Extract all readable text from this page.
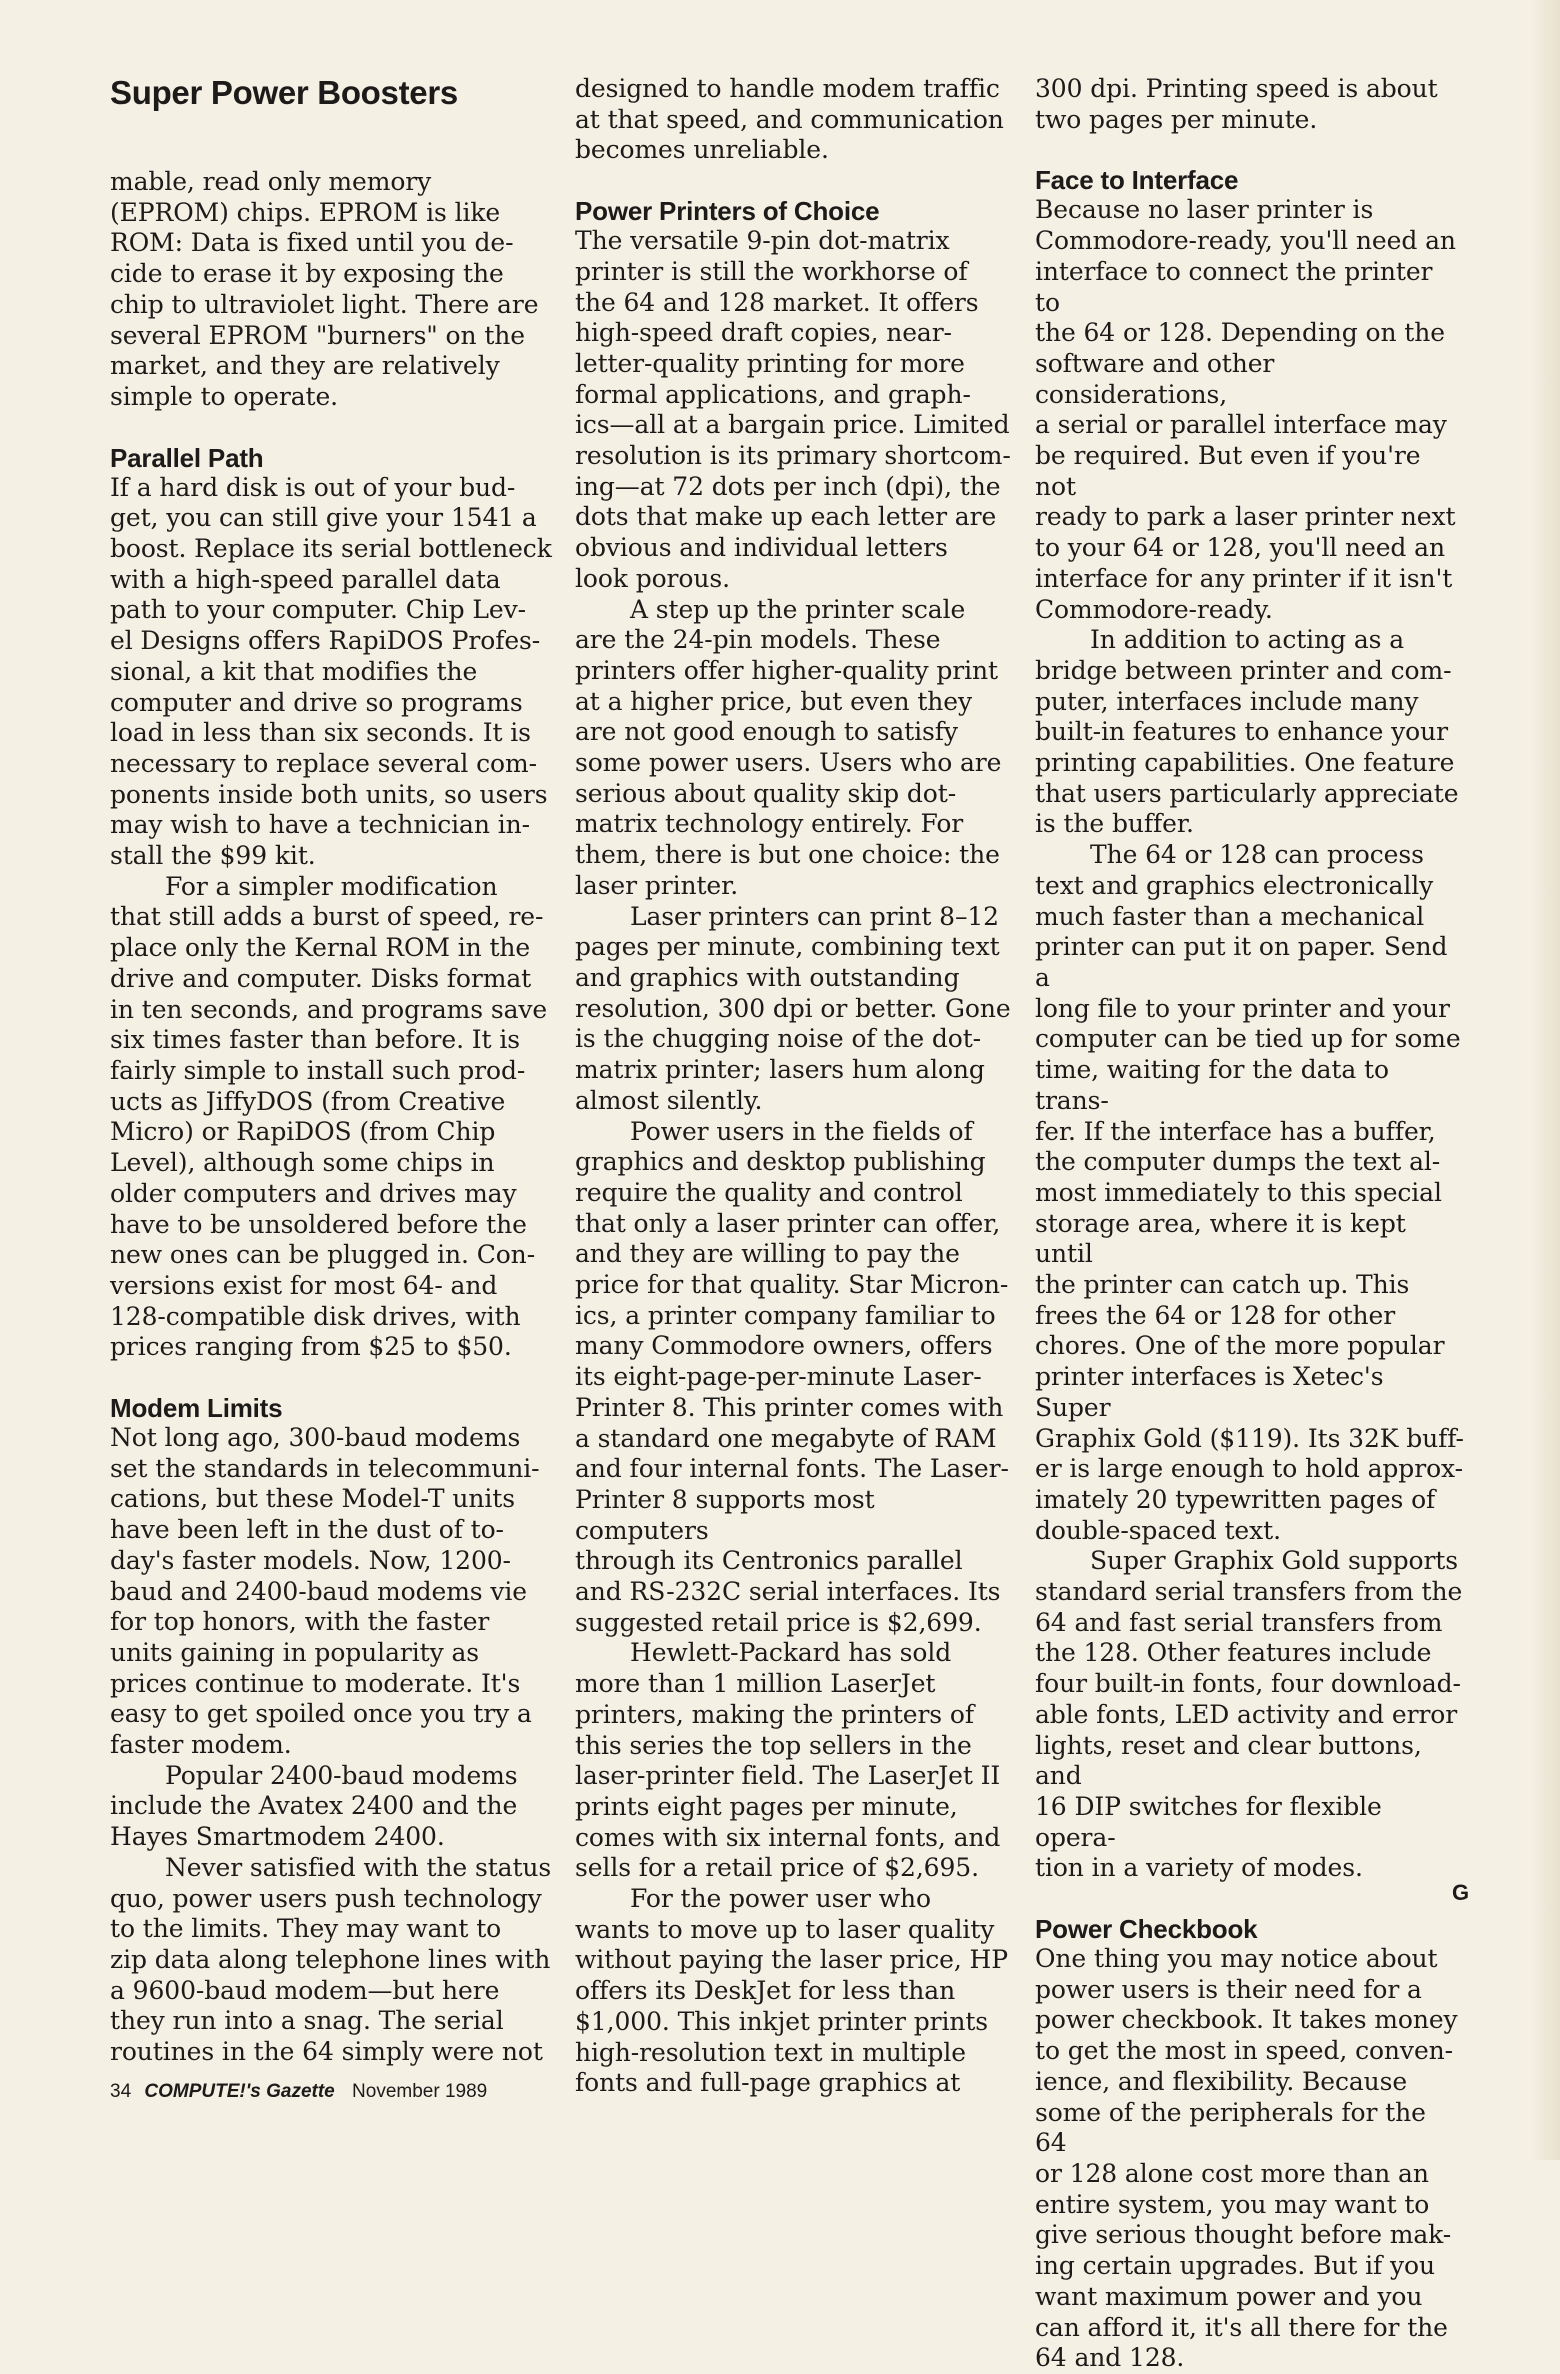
Super Power Boosters

mable, read only memory
(EPROM) chips. EPROM is like
ROM: Data is fixed until you de-
cide to erase it by exposing the
chip to ultraviolet light. There are
several EPROM "burners" on the
market, and they are relatively
simple to operate.

Parallel Path

If a hard disk is out of your bud-
get, you can still give your 1541 a
boost. Replace its serial bottleneck
with a high-speed parallel data
path to your computer. Chip Lev-
el Designs offers RapiDOS Profes-
sional, a kit that modifies the
computer and drive so programs
load in less than six seconds. It is
necessary to replace several com-
ponents inside both units, so users
may wish to have a technician in-
stall the $99 kit.

For a simpler modification
that still adds a burst of speed, re-
place only the Kernal ROM in the
drive and computer. Disks format
in ten seconds, and programs save
six times faster than before. It is
fairly simple to install such prod-
ucts as JiffyDOS (from Creative
Micro) or RapiDOS (from Chip
Level), although some chips in
older computers and drives may
have to be unsoldered before the
new ones can be plugged in. Con-
versions exist for most 64- and
128-compatible disk drives, with
prices ranging from $25 to $50.

Modem Limits

Not long ago, 300-baud modems
set the standards in telecommuni-
cations, but these Model-T units
have been left in the dust of to-
day's faster models. Now, 1200-
baud and 2400-baud modems vie
for top honors, with the faster
units gaining in popularity as
prices continue to moderate. It's
easy to get spoiled once you try a
faster modem.

Popular 2400-baud modems
include the Avatex 2400 and the
Hayes Smartmodem 2400.

Never satisfied with the status
quo, power users push technology
to the limits. They may want to
zip data along telephone lines with
a 9600-baud modem—but here
they run into a snag. The serial
routines in the 64 simply were not

designed to handle modem traffic
at that speed, and communication
becomes unreliable.

Power Printers of Choice

The versatile 9-pin dot-matrix
printer is still the workhorse of
the 64 and 128 market. It offers
high-speed draft copies, near-
letter-quality printing for more
formal applications, and graph-
ics—all at a bargain price. Limited
resolution is its primary shortcom-
ing—at 72 dots per inch (dpi), the
dots that make up each letter are
obvious and individual letters
look porous.

A step up the printer scale
are the 24-pin models. These
printers offer higher-quality print
at a higher price, but even they
are not good enough to satisfy
some power users. Users who are
serious about quality skip dot-
matrix technology entirely. For
them, there is but one choice: the
laser printer.

Laser printers can print 8–12
pages per minute, combining text
and graphics with outstanding
resolution, 300 dpi or better. Gone
is the chugging noise of the dot-
matrix printer; lasers hum along
almost silently.

Power users in the fields of
graphics and desktop publishing
require the quality and control
that only a laser printer can offer,
and they are willing to pay the
price for that quality. Star Micron-
ics, a printer company familiar to
many Commodore owners, offers
its eight-page-per-minute Laser-
Printer 8. This printer comes with
a standard one megabyte of RAM
and four internal fonts. The Laser-
Printer 8 supports most computers
through its Centronics parallel
and RS-232C serial interfaces. Its
suggested retail price is $2,699.

Hewlett-Packard has sold
more than 1 million LaserJet
printers, making the printers of
this series the top sellers in the
laser-printer field. The LaserJet II
prints eight pages per minute,
comes with six internal fonts, and
sells for a retail price of $2,695.

For the power user who
wants to move up to laser quality
without paying the laser price, HP
offers its DeskJet for less than
$1,000. This inkjet printer prints
high-resolution text in multiple
fonts and full-page graphics at

300 dpi. Printing speed is about
two pages per minute.

Face to Interface

Because no laser printer is
Commodore-ready, you'll need an
interface to connect the printer to
the 64 or 128. Depending on the
software and other considerations,
a serial or parallel interface may
be required. But even if you're not
ready to park a laser printer next
to your 64 or 128, you'll need an
interface for any printer if it isn't
Commodore-ready.

In addition to acting as a
bridge between printer and com-
puter, interfaces include many
built-in features to enhance your
printing capabilities. One feature
that users particularly appreciate
is the buffer.

The 64 or 128 can process
text and graphics electronically
much faster than a mechanical
printer can put it on paper. Send a
long file to your printer and your
computer can be tied up for some
time, waiting for the data to trans-
fer. If the interface has a buffer,
the computer dumps the text al-
most immediately to this special
storage area, where it is kept until
the printer can catch up. This
frees the 64 or 128 for other
chores. One of the more popular
printer interfaces is Xetec's Super
Graphix Gold ($119). Its 32K buff-
er is large enough to hold approx-
imately 20 typewritten pages of
double-spaced text.

Super Graphix Gold supports
standard serial transfers from the
64 and fast serial transfers from
the 128. Other features include
four built-in fonts, four download-
able fonts, LED activity and error
lights, reset and clear buttons, and
16 DIP switches for flexible opera-
tion in a variety of modes.

Power Checkbook

One thing you may notice about
power users is their need for a
power checkbook. It takes money
to get the most in speed, conven-
ience, and flexibility. Because
some of the peripherals for the 64
or 128 alone cost more than an
entire system, you may want to
give serious thought before mak-
ing certain upgrades. But if you
want maximum power and you
can afford it, it's all there for the
64 and 128.

G
34 COMPUTE!'s Gazette November 1989
